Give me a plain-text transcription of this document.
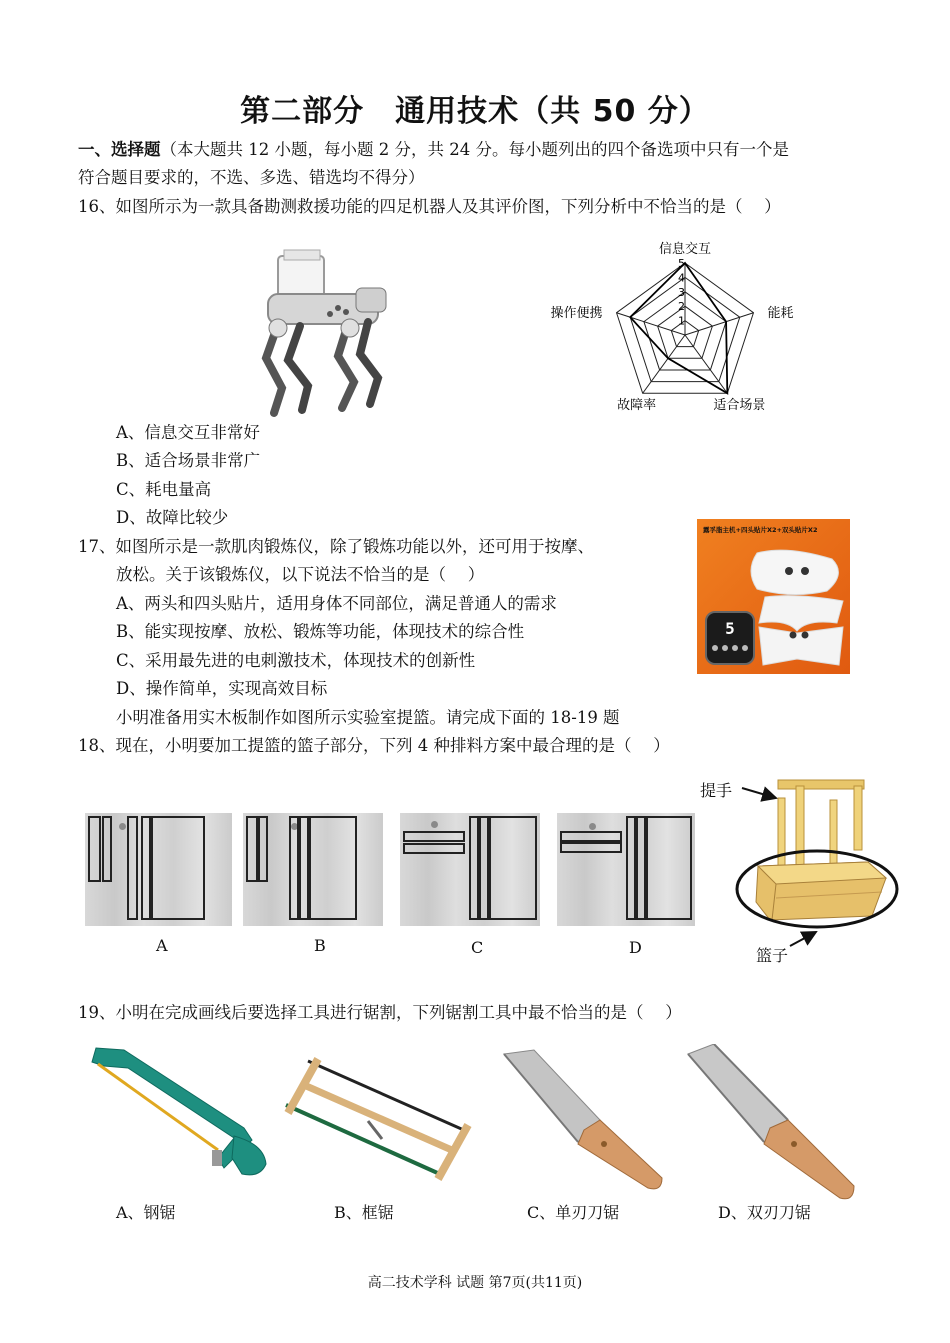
第二部分　通用技术（共 50 分）
一、选择题（本大题共 12 小题，每小题 2 分，共 24 分。每小题列出的四个备选项中只有一个是
符合题目要求的，不选、多选、错选均不得分）
16、如图所示为一款具备勘测救援功能的四足机器人及其评价图，下列分析中不恰当的是（　 ）
1
2
3
4
5
信息交互
能耗
适合场景
故障率
操作便携
A、信息交互非常好
B、适合场景非常广
C、耗电量高
D、故障比较少
17、如图所示是一款肌肉锻炼仪，除了锻炼功能以外，还可用于按摩、
放松。关于该锻炼仪，以下说法不恰当的是（　 ）
A、两头和四头贴片，适用身体不同部位，满足普通人的需求
B、能实现按摩、放松、锻炼等功能，体现技术的综合性
C、采用最先进的电刺激技术，体现技术的创新性
D、操作简单，实现高效目标
露孚脂主机+四头贴片X2+双头贴片X2
5
小明准备用实木板制作如图所示实验室提篮。请完成下面的 18-19 题
18、现在，小明要加工提篮的篮子部分，下列 4 种排料方案中最合理的是（　 ）
A	B	C	D
提手
篮子
19、小明在完成画线后要选择工具进行锯割，下列锯割工具中最不恰当的是（　 ）
A、钢锯	B、框锯	C、单刃刀锯	D、双刃刀锯
高二技术学科 试题 第7页(共11页)
